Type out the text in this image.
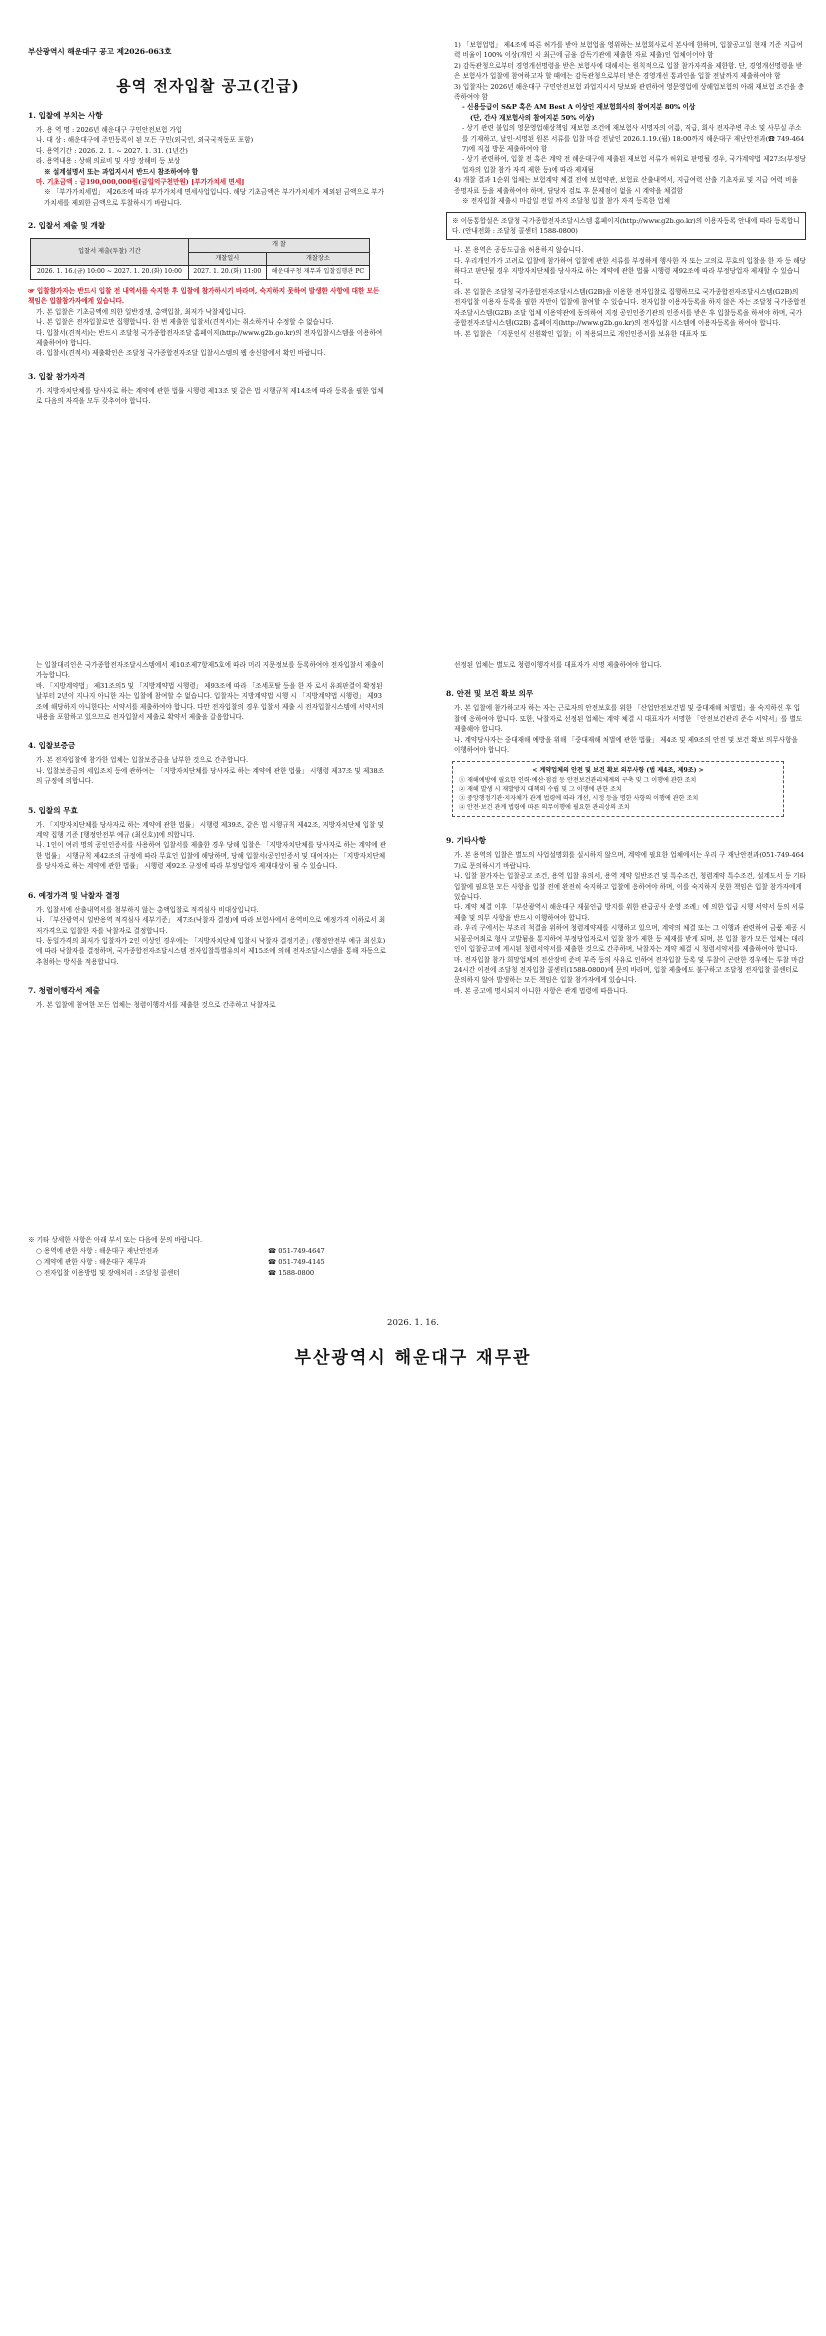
부산광역시 해운대구 공고 제2026-063호

용역 전자입찰 공고(긴급)

1. 입찰에 부치는 사항

가. 용 역 명 : 2026년 해운대구 구민안전보험 가입

나. 대 상 : 해운대구에 주민등록이 된 모든 구민(외국인, 외국국적동포 포함)

다. 용역기간 : 2026. 2. 1. ~ 2027. 1. 31. (1년간)

라. 용역내용 : 상해 의료비 및 사망 장해비 등 보상

※ 설계설명서 또는 과업지시서 반드시 참조하여야 함

마. 기초금액 : 금190,000,000원(금일억구천만원) [부가가치세 면세]

※ 「부가가치세법」 제26조에 따라 부가가치세 면세사업입니다. 해당 기초금액은 부가가치세가 제외된 금액으로 부가가치세를 제외한 금액으로 투찰하시기 바랍니다.

2. 입찰서 제출 및 개찰

입찰서 제출(투찰) 기간	개 찰	
	개찰일시	개찰장소
2026. 1. 16.(금) 10:00 ~ 2027. 1. 20.(화) 10:00	2027. 1. 20.(화) 11:00	해운대구청 재무과 입찰집행관 PC

☞ 입찰참가자는 반드시 입찰 전 내역서를 숙지한 후 입찰에 참가하시기 바라며, 숙지하지 못하여 발생한 사항에 대한 모든 책임은 입찰참가자에게 있습니다.

가. 본 입찰은 기초금액에 의한 일반경쟁, 총액입찰, 최저가 낙찰제입니다.

나. 본 입찰은 전자입찰로만 집행합니다. 한 번 제출한 입찰서(견적서)는 취소하거나 수정할 수 없습니다.

다. 입찰서(견적서)는 반드시 조달청 국가종합전자조달 홈페이지(http://www.g2b.go.kr)의 전자입찰시스템을 이용하여 제출하여야 합니다.

라. 입찰서(견적서) 제출확인은 조달청 국가종합전자조달 입찰시스템의 웹 송신함에서 확인 바랍니다.

3. 입찰 참가자격

가. 지방자치단체를 당사자로 하는 계약에 관한 법률 시행령 제13조 및 같은 법 시행규칙 제14조에 따라 등록을 필한 업체로 다음의 자격을 모두 갖추어야 합니다.

1) 「보험업법」 제4조에 따른 허가를 받아 보험업을 영위하는 보험회사로서 본사에 한하며, 입찰공고일 현재 기준 지급여력 비율이 100% 이상(개인 시 최근에 금융 감독기관에 제출한 자료 제출)인 업체이어야 함

2) 감독관청으로부터 경영개선명령을 받은 보험사에 대해서는 원칙적으로 입찰 참가자격을 제한함. 단, 경영개선명령을 받은 보험사가 입찰에 참여하고자 할 때에는 감독관청으로부터 받은 경영개선 통과인을 입찰 전날까지 제출하여야 함

3) 입찰자는 2026년 해운대구 구민안전보험 과업지시서 당보와 관련하여 영문영업에 상해업보험의 아래 재보험 조건을 충족하여야 함

- 신용등급이 S&P 혹은 AM Best A 이상인 재보험회사의 참여지분 80% 이상

(단, 간사 재보험사의 참여지분 50% 이상)

- 상기 관련 불입의 영문영업해상책임 재보험 조건에 재보험사 서명자의 이름, 직급, 회사 전자주변 주소 및 사무실 주소를 기재하고, 날인·서명된 원본 서류를 입찰 마감 전날인 2026.1.19.(월) 18:00까지 해운대구 재난안전과(☎ 749-4647)에 직접 방문 제출하여야 함

- 상기 관련하여, 입찰 전 혹은 계약 전 해운대구에 제출된 재보험 서류가 허위로 판명될 경우, 국가계약법 제27조(부정당업자의 입찰 참가 자격 제한 등)에 따라 제재됨

4) 개찰 결과 1순위 업체는 보험계약 체결 전에 보험약관, 보험료 산출내역서, 지급여력 산출 기초자료 및 지급 여력 비율 증명자료 등을 제출하여야 하며, 담당자 검토 후 문제점이 없을 시 계약을 체결함

※ 전자입찰 제출시 마감일 전일 까지 조달청 입찰 참가 자격 등록한 업체

※ 이동통합설은 조달청 국가종합전자조달시스템 홈페이지(http://www.g2b.go.kr)의 이용자등록 안내에 따라 등록합니다. (안내전화 : 조달청 콜센터 1588-0800)

나. 본 용역은 공동도급을 허용하지 않습니다.

다. 우리개인가가 고려로 입찰에 참가하여 입찰에 관한 서류를 부정하게 행사한 자 또는 고의로 무효의 입찰을 한 자 등 해당하다고 판단될 경우 지방자치단체를 당사자로 하는 계약에 관한 법률 시행령 제92조에 따라 부정당업자 제재할 수 있습니다.

라. 본 입찰은 조달청 국가종합전자조달시스템(G2B)을 이용한 전자입찰로 집행하므로 국가종합전자조달시스템(G2B)의 전자입찰 이용자 등록을 필한 자만이 입찰에 참여할 수 있습니다. 전자입찰 이용자등록을 하지 않은 자는 조달청 국가종합전자조달시스템(G2B) 조달 업체 이용약관에 동의하여 지정 공인인증기관의 인증서를 받은 후 입찰등록을 하셔야 하며, 국가종합전자조달시스템(G2B) 홈페이지(http://www.g2b.go.kr)의 전자입찰 시스템에 이용자등록을 하여야 합니다.

마. 본 입찰은 「지문인식 신원확인 입찰」이 적용되므로 개인인증서를 보유한 대표자 또

는 입찰대리인은 국가종합전자조달시스템에서 제10조제7항제5호에 따라 미리 지문정보를 등록하여야 전자입찰서 제출이 가능합니다.

바. 「지방계약법」 제31조의5 및 「지방계약법 시행령」 제93조에 따라 「조세포탈 등을 한 자 로서 유죄판결이 확정된 날부터 2년이 지나지 아니한 자는 입찰에 참여할 수 없습니다. 입찰자는 지방계약법 시행 시 「지방계약법 시행령」 제93조에 해당하지 아니한다는 서약서를 제출하여야 합니다. 다만 전자입찰의 경우 입찰서 제출 시 전자입찰시스템에 서약서의 내용을 포함하고 있으므로 전자입찰서 제출로 확약서 제출을 갈음합니다.

4. 입찰보증금

가. 본 전자입찰에 참가한 업체는 입찰보증금을 납부한 것으로 간주합니다.

나. 입찰보증금의 세입조치 등에 관하여는 「지방자치단체를 당사자로 하는 계약에 관한 법률」 시행령 제37조 및 제38조의 규정에 의합니다.

5. 입찰의 무효

가. 「지방자치단체를 당사자로 하는 계약에 관한 법률」 시행령 제39조, 같은 법 시행규칙 제42조, 지방자치단체 입찰 및 계약 집행 기준 [행정안전부 예규 (최신호)]에 의합니다.

나. 1인이 여러 명의 공인인증서를 사용하여 입찰서를 제출한 경우 당해 입찰은 「지방자치단체를 당사자로 하는 계약에 관한 법률」 시행규칙 제42조의 규정에 따라 무효인 입찰에 해당하며, 당해 입찰서(공인인증서 및 대여자)는 「지방자치단체를 당사자로 하는 계약에 관한 법률」 시행령 제92조 규정에 따라 부정당업자 제재대상이 될 수 있습니다.

6. 예정가격 및 낙찰자 결정

가. 입찰서에 산출내역서를 첨부하지 않는 총액입찰로 적격심사 비대상입니다.

나. 「부산광역시 일반용역 적격심사 세부기준」 제7조(낙찰자 결정)에 따라 보험사에서 용역비으로 예정가격 이하로서 최저가격으로 입찰한 자를 낙찰자로 결정합니다.

다. 동일가격의 최저가 입찰자가 2인 이상인 경우에는 「지방자치단체 입찰시 낙찰자 결정기준」(행정안전부 예규 최신호)에 따라 낙찰자를 결정하며, 국가종합전자조달시스템 전자입찰특별유의서 제15조에 의해 전자조달시스템을 통해 자동으로 추첨하는 방식을 적용합니다.

7. 청렴이행각서 제출

가. 본 입찰에 참여한 모든 업체는 청렴이행각서를 제출한 것으로 간주하고 낙찰자로

선정된 업체는 별도로 청렴이행각서를 대표자가 서명 제출하여야 합니다.

8. 안전 및 보건 확보 의무

가. 본 입찰에 참가하고자 하는 자는 근로자의 안전보호를 위한 「산업안전보건법 및 중대재해 처벌법」을 숙지하신 후 입찰에 응하여야 합니다. 또한, 낙찰자로 선정된 업체는 계약 체결 시 대표자가 서명한 「안전보건관리 준수 서약서」를 별도 제출해야 합니다.

나. 계약당사자는 중대재해 예방을 위해 「중대재해 처벌에 관한 법률」 제4조 및 제9조의 안전 및 보건 확보 의무사항을 이행하여야 합니다.

< 계약업체의 안전 및 보건 확보 의무사항 (법 제4조, 제9조) >

① 재해예방에 필요한 인력·예산·점검 등 안전보건관리체계의 구축 및 그 이행에 관한 조치

② 재해 발생 시 재발방지 대책의 수립 및 그 이행에 관한 조치

③ 중앙행정기관·지자체가 관계 법령에 따라 개선, 시정 등을 명한 사항의 이행에 관한 조치

④ 안전·보건 관계 법령에 따른 의무이행에 필요한 관리상의 조치

9. 기타사항

가. 본 용역의 입찰은 별도의 사업설명회를 실시하지 않으며, 계약에 필요한 업체에서는 우리 구 재난안전과(051-749-4647)로 문의하시기 바랍니다.

나. 입찰 참가자는 입찰공고 조건, 용역 입찰 유의서, 용역 계약 일반조건 및 특수조건, 청렴계약 특수조건, 설계도서 등 기타 입찰에 필요한 모든 사항을 입찰 전에 완전히 숙지하고 입찰에 응하여야 하며, 이를 숙지하지 못한 책임은 입찰 참가자에게 있습니다.

다. 계약 체결 이후 「부산광역시 해운대구 재물인급 방지를 위한 관급공사 운영 조례」에 의한 입급 시행 서약서 등의 서류제출 및 의무 사항을 반드시 이행하여야 합니다.

라. 우리 구에서는 부조리 척결을 위하여 청렴계약제를 시행하고 있으며, 계약의 체결 또는 그 이행과 관련하여 금품 제공 시 뇌물공여죄로 형사 고발됨을 통지하여 부정당업자로서 입찰 참가 제한 등 제재를 받게 되며, 본 입찰 참가 모든 업체는 대리인이 입찰공고에 게시된 청렴서약서를 제출한 것으로 간주하며, 낙찰자는 계약 체결 시 청렴서약서를 제출하여야 합니다.

마. 전자입찰 참가 희망업체의 전산장비 준비 부족 등의 사유로 인하여 전자입찰 등록 및 투찰이 곤란한 경우에는 투찰 마감 24시간 이전에 조달청 전자입찰 콜센터(1588-0800)에 문의 바라며, 입찰 제출에도 불구하고 조달청 전자입찰 콜센터로 문의하지 않아 발생하는 모든 책임은 입찰 참가자에게 있습니다.

바. 본 공고에 명시되지 아니한 사항은 관계 법령에 따릅니다.

※ 기타 상세한 사항은 아래 부서 또는 다음에 문의 바랍니다.

○ 용역에 관한 사항 : 해운대구 재난안전과	☎ 051-749-4647

○ 계약에 관한 사항 : 해운대구 재무과	☎ 051-749-4145

○ 전자입찰 이용방법 및 장애처리 : 조달청 콜센터	☎ 1588-0800

2026. 1. 16.
부산광역시 해운대구 재무관
